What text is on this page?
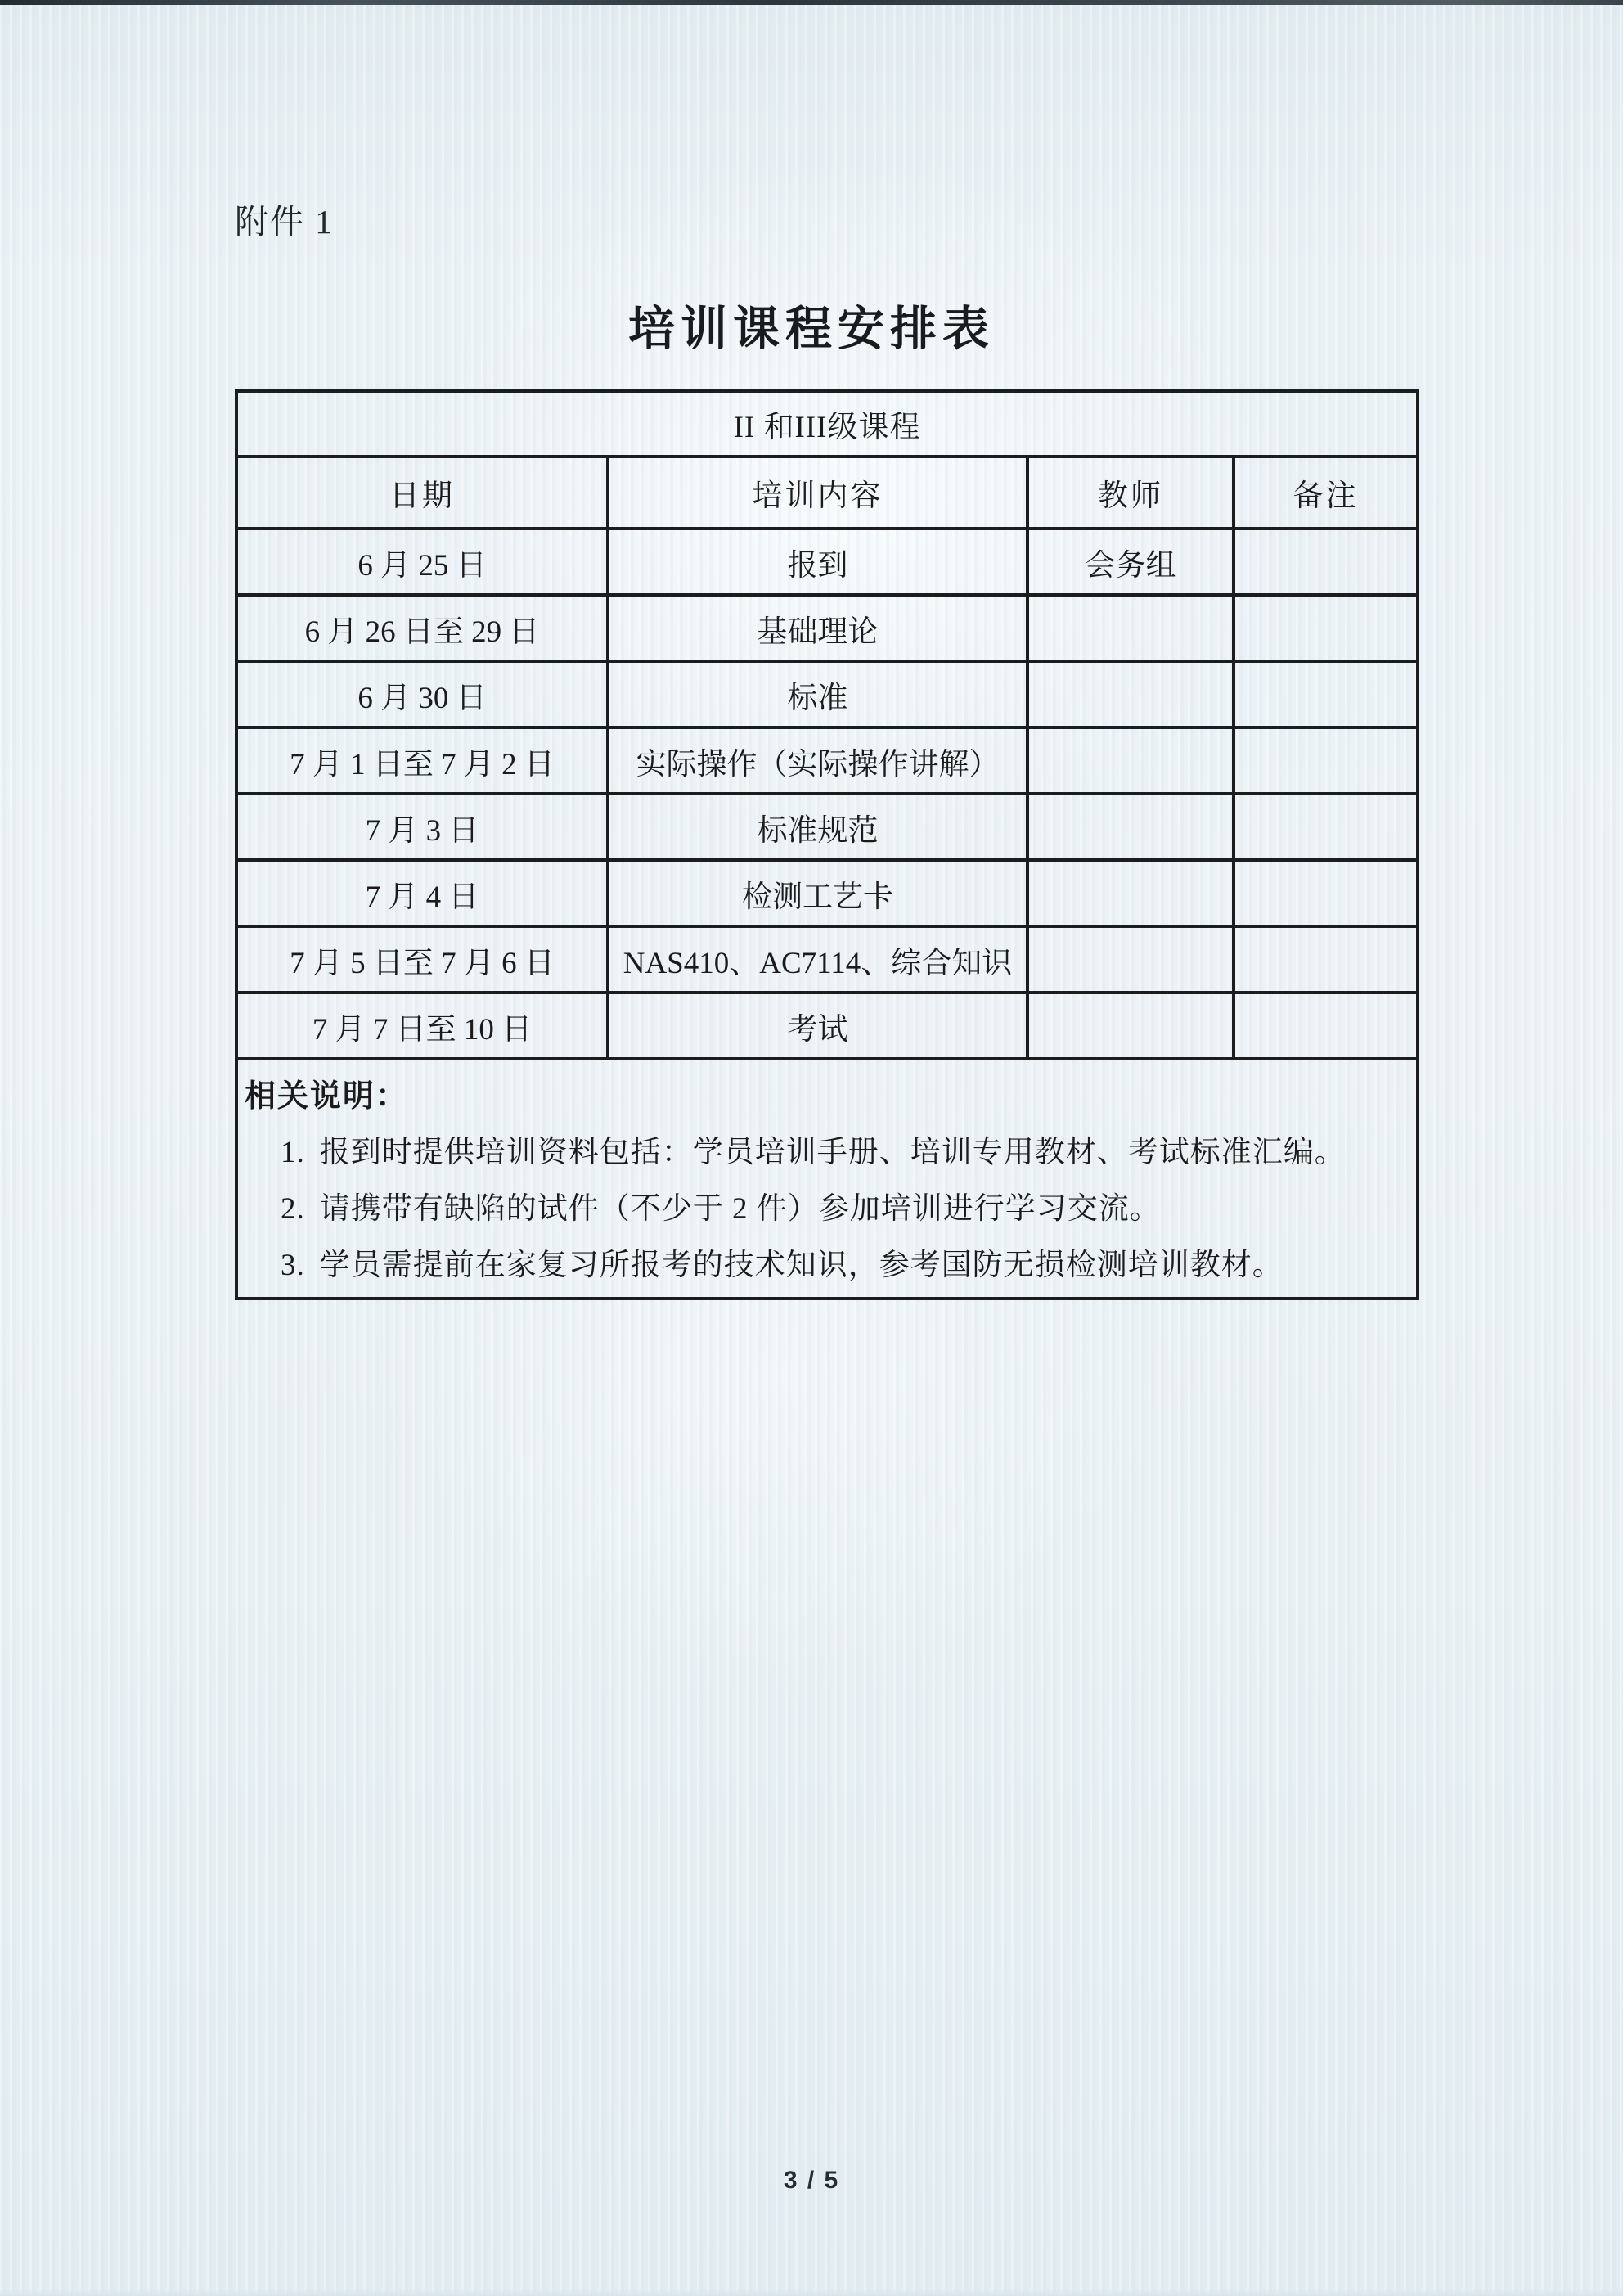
附件 1
培训课程安排表
II 和III级课程			
日期	培训内容	教师	备注
6 月 25 日	报到	会务组	
6 月 26 日至 29 日	基础理论		
6 月 30 日	标准		
7 月 1 日至 7 月 2 日	实际操作（实际操作讲解）		
7 月 3 日	标准规范		
7 月 4 日	检测工艺卡		
7 月 5 日至 7 月 6 日	NAS410、AC7114、综合知识		
7 月 7 日至 10 日	考试		

相关说明：
1. 报到时提供培训资料包括：学员培训手册、培训专用教材、考试标准汇编。
2. 请携带有缺陷的试件（不少于 2 件）参加培训进行学习交流。
3. 学员需提前在家复习所报考的技术知识，参考国防无损检测培训教材。
3 / 5
